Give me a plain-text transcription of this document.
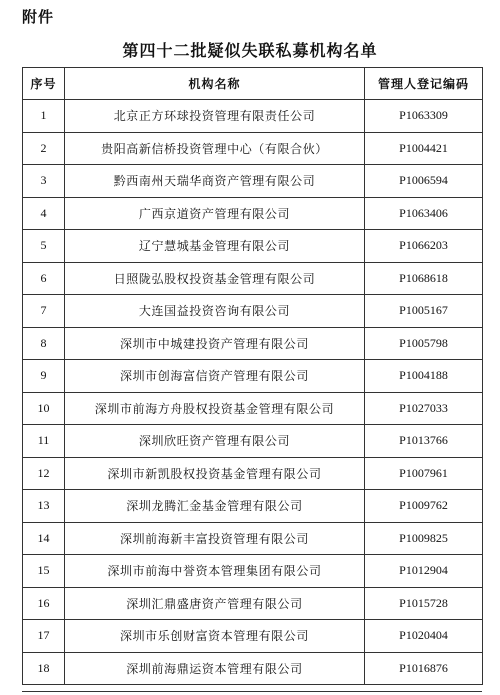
附件
第四十二批疑似失联私募机构名单
序号	机构名称	管理人登记编码
1	北京正方环球投资管理有限责任公司	P1063309
2	贵阳高新信桥投资管理中心（有限合伙）	P1004421
3	黔西南州天瑞华商资产管理有限公司	P1006594
4	广西京道资产管理有限公司	P1063406
5	辽宁慧城基金管理有限公司	P1066203
6	日照陇弘股权投资基金管理有限公司	P1068618
7	大连国益投资咨询有限公司	P1005167
8	深圳市中城建投资产管理有限公司	P1005798
9	深圳市创海富信资产管理有限公司	P1004188
10	深圳市前海方舟股权投资基金管理有限公司	P1027033
11	深圳欣旺资产管理有限公司	P1013766
12	深圳市新凯股权投资基金管理有限公司	P1007961
13	深圳龙腾汇金基金管理有限公司	P1009762
14	深圳前海新丰富投资管理有限公司	P1009825
15	深圳市前海中誉资本管理集团有限公司	P1012904
16	深圳汇鼎盛唐资产管理有限公司	P1015728
17	深圳市乐创财富资本管理有限公司	P1020404
18	深圳前海鼎运资本管理有限公司	P1016876
